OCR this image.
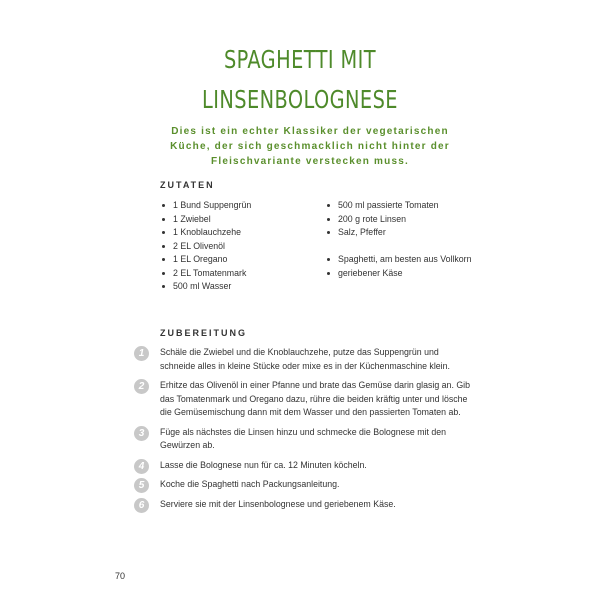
SPAGHETTI MIT
LINSENBOLOGNESE
Dies ist ein echter Klassiker der vegetarischen Küche, der sich geschmacklich nicht hinter der Fleischvariante verstecken muss.
ZUTATEN
1 Bund Suppengrün
1 Zwiebel
1 Knoblauchzehe
2 EL Olivenöl
1 EL Oregano
2 EL Tomatenmark
500 ml Wasser
500 ml passierte Tomaten
200 g rote Linsen
Salz, Pfeffer
Spaghetti, am besten aus Vollkorn
geriebener Käse
ZUBEREITUNG
1	Schäle die Zwiebel und die Knoblauchzehe, putze das Suppengrün und schneide alles in kleine Stücke oder mixe es in der Küchenmaschine klein.
2	Erhitze das Olivenöl in einer Pfanne und brate das Gemüse darin glasig an. Gib das Tomatenmark und Oregano dazu, rühre die beiden kräftig unter und lösche die Gemüsemischung dann mit dem Wasser und den passierten Tomaten ab.
3	Füge als nächstes die Linsen hinzu und schmecke die Bolognese mit den Gewürzen ab.
4	Lasse die Bolognese nun für ca. 12 Minuten köcheln.
5	Koche die Spaghetti nach Packungsanleitung.
6	Serviere sie mit der Linsenbolognese und geriebenem Käse.
70
